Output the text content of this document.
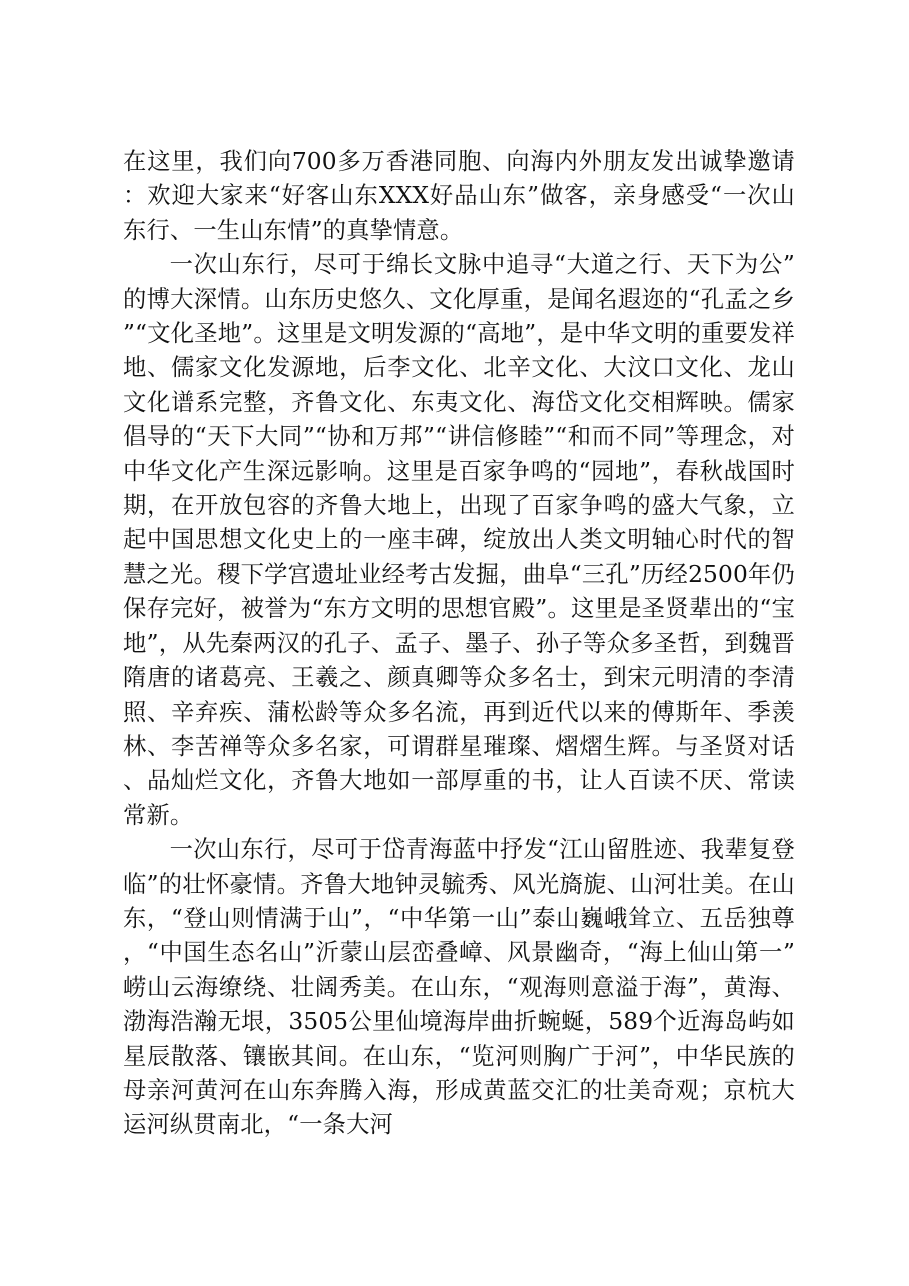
在这里，我们向700多万香港同胞、向海内外朋友发出诚挚邀请：欢迎大家来“好客山东XXX好品山东”做客，亲身感受“一次山东行、一生山东情”的真挚情意。

一次山东行，尽可于绵长文脉中追寻“大道之行、天下为公”的博大深情。山东历史悠久、文化厚重，是闻名遐迩的“孔孟之乡”“文化圣地”。这里是文明发源的“高地”，是中华文明的重要发祥地、儒家文化发源地，后李文化、北辛文化、大汶口文化、龙山文化谱系完整，齐鲁文化、东夷文化、海岱文化交相辉映。儒家倡导的“天下大同”“协和万邦”“讲信修睦”“和而不同”等理念，对中华文化产生深远影响。这里是百家争鸣的“园地”，春秋战国时期，在开放包容的齐鲁大地上，出现了百家争鸣的盛大气象，立起中国思想文化史上的一座丰碑，绽放出人类文明轴心时代的智慧之光。稷下学宫遗址业经考古发掘，曲阜“三孔”历经2500年仍保存完好，被誉为“东方文明的思想官殿”。这里是圣贤辈出的“宝地”，从先秦两汉的孔子、孟子、墨子、孙子等众多圣哲，到魏晋隋唐的诸葛亮、王羲之、颜真卿等众多名士，到宋元明清的李清照、辛弃疾、蒲松龄等众多名流，再到近代以来的傅斯年、季羡林、李苦禅等众多名家，可谓群星璀璨、熠熠生辉。与圣贤对话、品灿烂文化，齐鲁大地如一部厚重的书，让人百读不厌、常读常新。

一次山东行，尽可于岱青海蓝中抒发“江山留胜迹、我辈复登临”的壮怀豪情。齐鲁大地钟灵毓秀、风光旖旎、山河壮美。在山东，“登山则情满于山”，“中华第一山”泰山巍峨耸立、五岳独尊，“中国生态名山”沂蒙山层峦叠嶂、风景幽奇，“海上仙山第一”崂山云海缭绕、壮阔秀美。在山东，“观海则意溢于海”，黄海、渤海浩瀚无垠，3505公里仙境海岸曲折蜿蜒，589个近海岛屿如星辰散落、镶嵌其间。在山东，“览河则胸广于河”，中华民族的母亲河黄河在山东奔腾入海，形成黄蓝交汇的壮美奇观；京杭大运河纵贯南北，“一条大河
